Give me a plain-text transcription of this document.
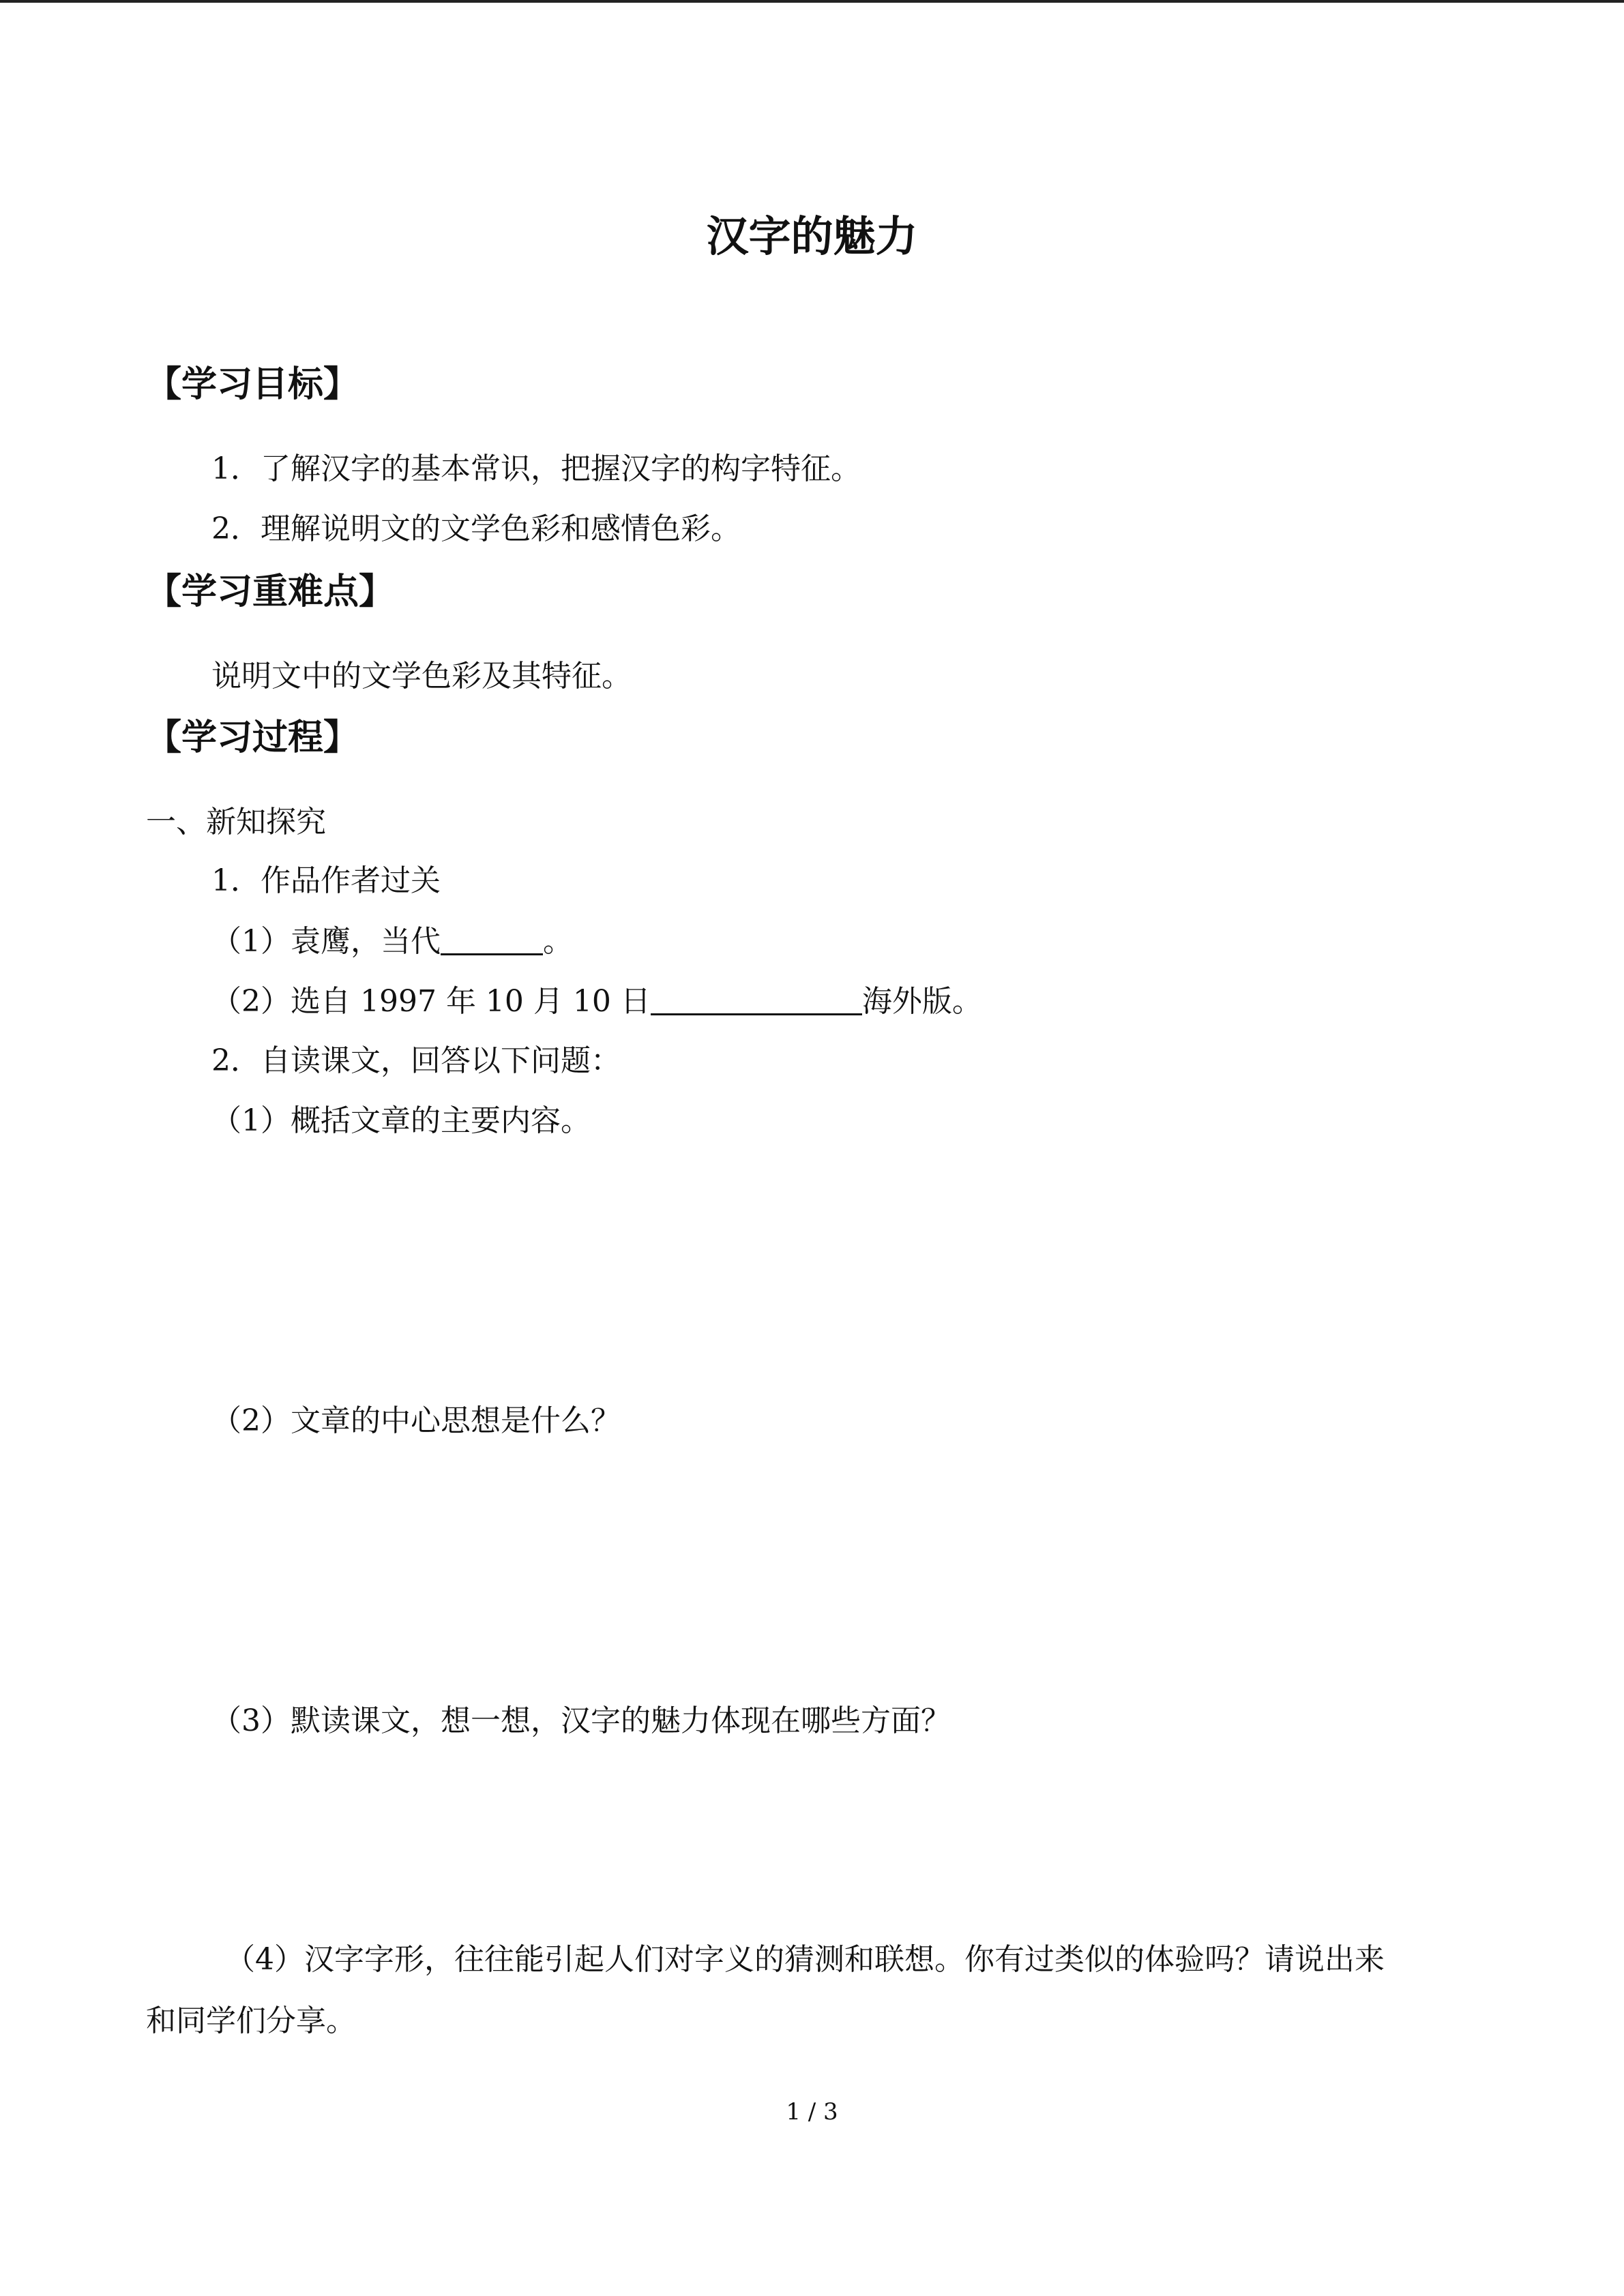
汉字的魅力
【学习目标】
1．了解汉字的基本常识，把握汉字的构字特征。
2．理解说明文的文学色彩和感情色彩。
【学习重难点】
说明文中的文学色彩及其特征。
【学习过程】
一、新知探究
1．作品作者过关
（1）袁鹰，当代	。
（2）选自 1997 年 10 月 10 日	海外版。
2．自读课文，回答以下问题：
（1）概括文章的主要内容。
（2）文章的中心思想是什么？
（3）默读课文，想一想，汉字的魅力体现在哪些方面？
（4）汉字字形，往往能引起人们对字义的猜测和联想。你有过类似的体验吗？请说出来
和同学们分享。
1 / 3
